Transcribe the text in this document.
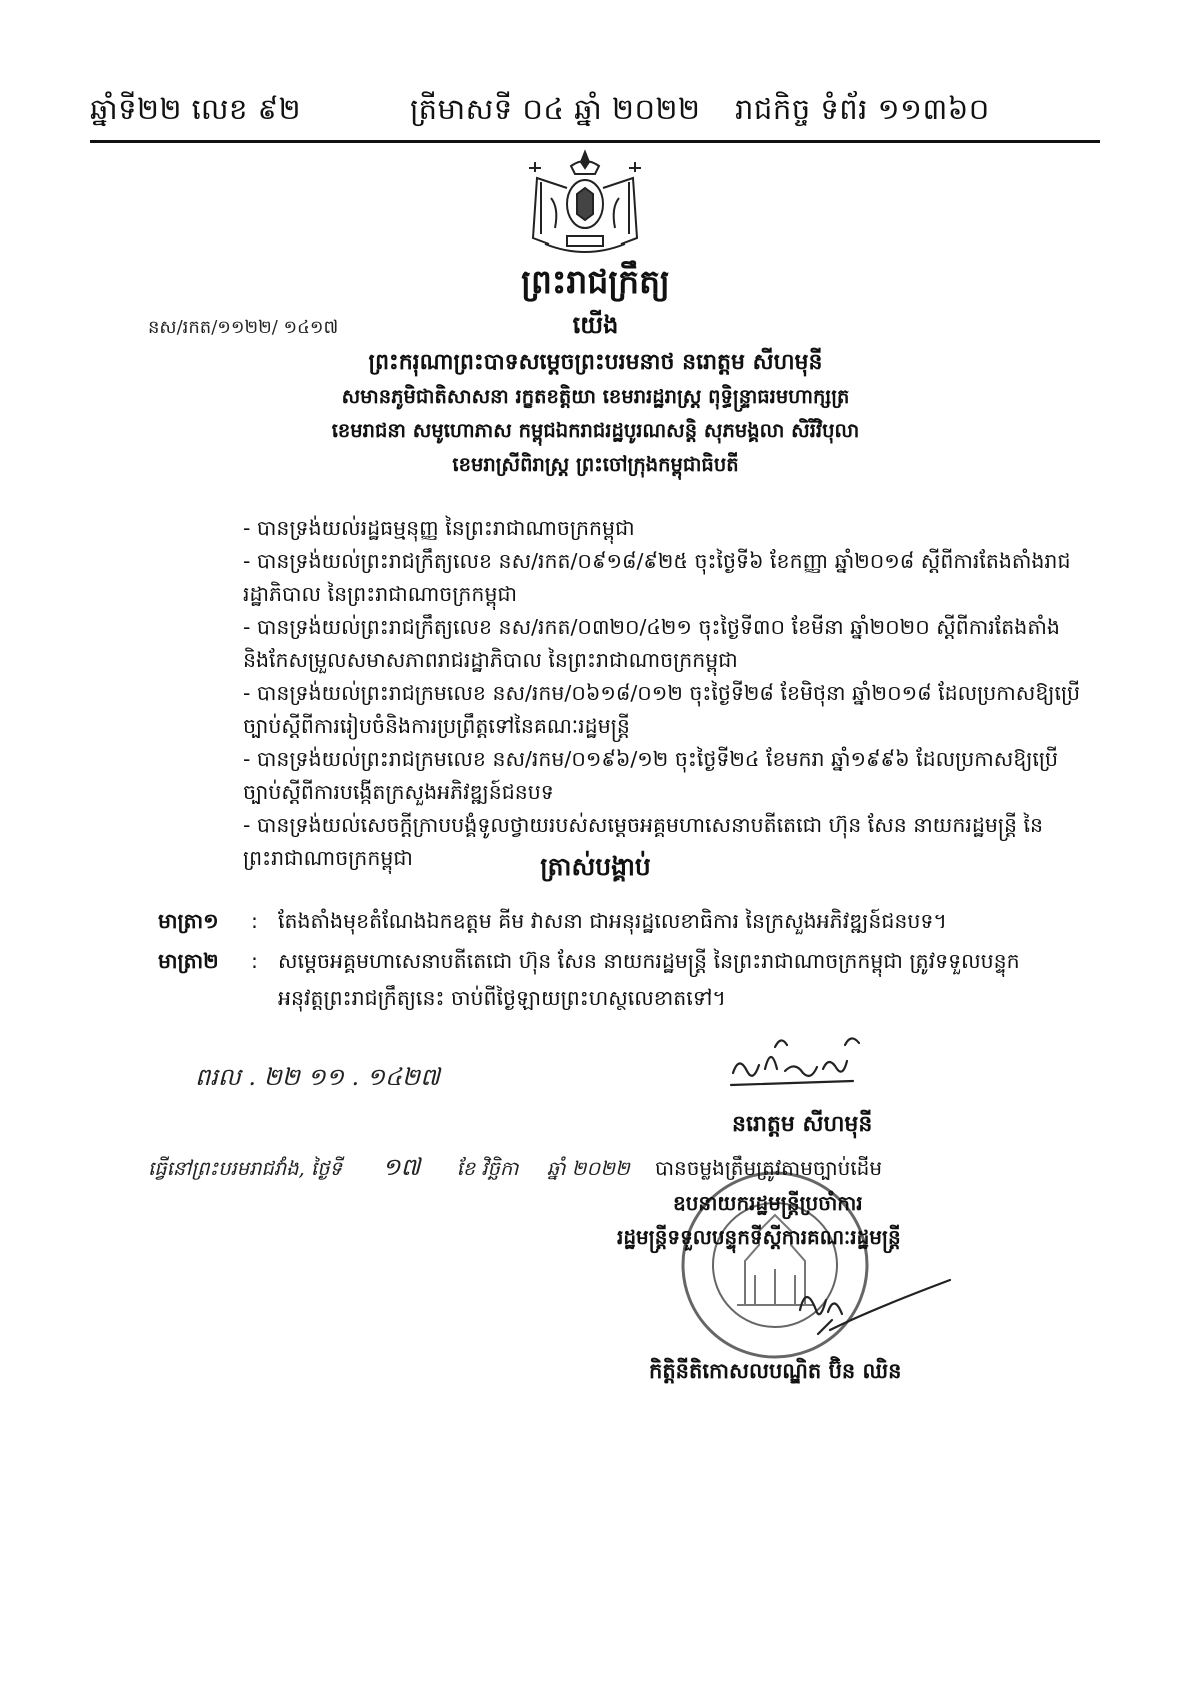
ឆ្នាំទី២២ លេខ ៩២	ត្រីមាសទី ០៤ ឆ្នាំ ២០២២ រាជកិច្ច ទំព័រ ១១៣៦០
ព្រះរាជក្រឹត្យ
នស/រកត/១១២២/ ១៤១៧	យើង
ព្រះករុណាព្រះបាទសម្តេចព្រះបរមនាថ នរោត្តម សីហមុនី
សមានភូមិជាតិសាសនា រក្ខតខត្តិយា ខេមរារដ្ឋរាស្ត្រ ពុទ្ធិន្ទ្រាធរមហាក្សត្រ
ខេមរាជនា សមូហោភាស កម្ពុជឯករាជរដ្ឋបូរណសន្តិ សុភមង្គលា សិរីវិបុលា
ខេមរាស្រីពិរាស្ត្រ ព្រះចៅក្រុងកម្ពុជាធិបតី
- បានទ្រង់យល់រដ្ឋធម្មនុញ្ញ នៃព្រះរាជាណាចក្រកម្ពុជា
- បានទ្រង់យល់ព្រះរាជក្រឹត្យលេខ នស/រកត/០៩១៨/៩២៥ ចុះថ្ងៃទី៦ ខែកញ្ញា ឆ្នាំ២០១៨ ស្តីពីការតែងតាំងរាជរដ្ឋាភិបាល នៃព្រះរាជាណាចក្រកម្ពុជា
- បានទ្រង់យល់ព្រះរាជក្រឹត្យលេខ នស/រកត/០៣២០/៤២១ ចុះថ្ងៃទី៣០ ខែមីនា ឆ្នាំ២០២០ ស្តីពីការតែងតាំង និងកែសម្រួលសមាសភាពរាជរដ្ឋាភិបាល នៃព្រះរាជាណាចក្រកម្ពុជា
- បានទ្រង់យល់ព្រះរាជក្រមលេខ នស/រកម/០៦១៨/០១២ ចុះថ្ងៃទី២៨ ខែមិថុនា ឆ្នាំ២០១៨ ដែលប្រកាសឱ្យប្រើច្បាប់ស្តីពីការរៀបចំនិងការប្រព្រឹត្តទៅនៃគណៈរដ្ឋមន្ត្រី
- បានទ្រង់យល់ព្រះរាជក្រមលេខ នស/រកម/០១៩៦/១២ ចុះថ្ងៃទី២៤ ខែមករា ឆ្នាំ១៩៩៦ ដែលប្រកាសឱ្យប្រើច្បាប់ស្តីពីការបង្កើតក្រសួងអភិវឌ្ឍន៍ជនបទ
- បានទ្រង់យល់សេចក្តីក្រាបបង្គំទូលថ្វាយរបស់សម្តេចអគ្គមហាសេនាបតីតេជោ ហ៊ុន សែន នាយករដ្ឋមន្ត្រី នៃព្រះរាជាណាចក្រកម្ពុជា	ត្រាស់បង្គាប់
មាត្រា១ : តែងតាំងមុខតំណែងឯកឧត្តម គីម វាសនា ជាអនុរដ្ឋលេខាធិការ នៃក្រសួងអភិវឌ្ឍន៍ជនបទ។
មាត្រា២ : សម្តេចអគ្គមហាសេនាបតីតេជោ ហ៊ុន សែន នាយករដ្ឋមន្ត្រី នៃព្រះរាជាណាចក្រកម្ពុជា ត្រូវទទួលបន្ទុក
អនុវត្តព្រះរាជក្រឹត្យនេះ ចាប់ពីថ្ងៃឡាយព្រះហស្ថលេខាតទៅ។
ពរល . ២២ ១១ . ១៤២៧
នរោត្តម សីហមុនី
ធ្វើនៅព្រះបរមរាជវាំង, ថ្ងៃទី ១៧ ខែ វិច្ឆិកា ឆ្នាំ ២០២២ បានចម្លងត្រឹមត្រូវតាមច្បាប់ដើម
ឧបនាយករដ្ឋមន្ត្រីប្រចាំការ
រដ្ឋមន្ត្រីទទួលបន្ទុកទីស្តីការគណៈរដ្ឋមន្ត្រី
កិត្តិនីតិកោសលបណ្ឌិត ប៊ិន ឈិន
